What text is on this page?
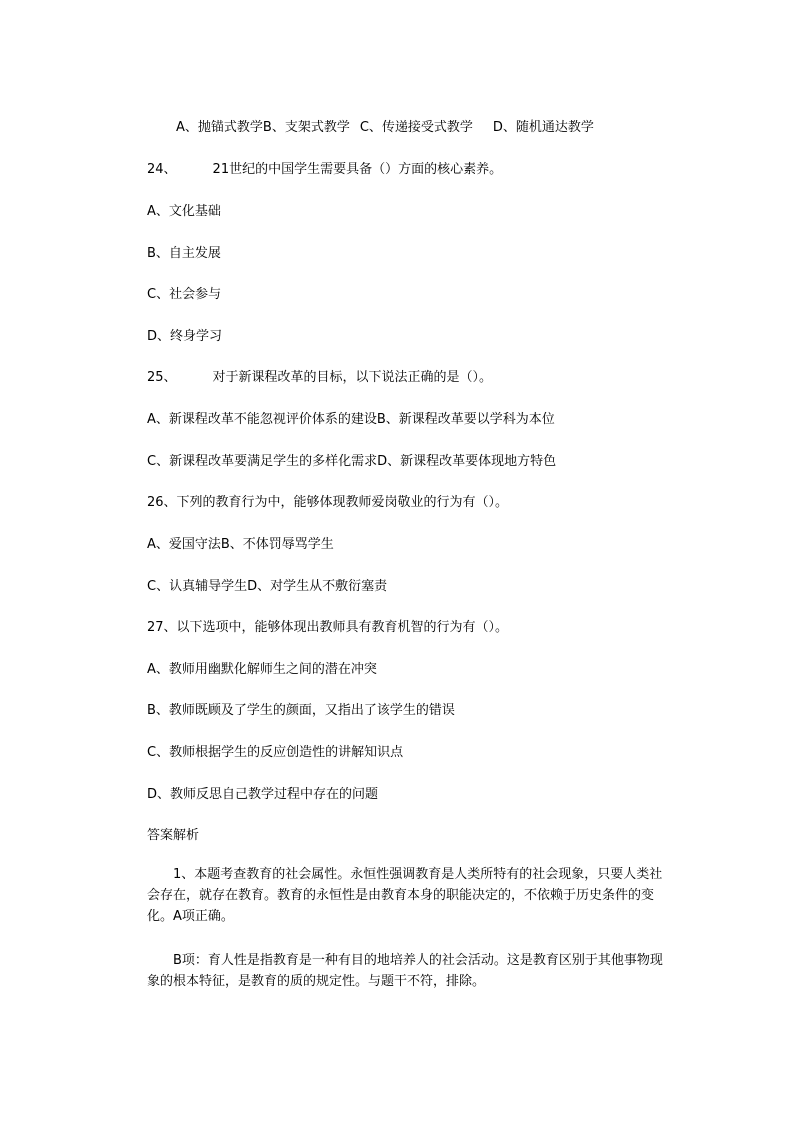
A、抛锚式教学B、支架式教学 C、传递接受式教学 D、随机通达教学
24、	21世纪的中国学生需要具备（）方面的核心素养。
A、文化基础
B、自主发展
C、社会参与
D、终身学习
25、	对于新课程改革的目标，以下说法正确的是（）。
A、新课程改革不能忽视评价体系的建设B、新课程改革要以学科为本位
C、新课程改革要满足学生的多样化需求D、新课程改革要体现地方特色
26、下列的教育行为中，能够体现教师爱岗敬业的行为有（）。
A、爱国守法B、不体罚辱骂学生
C、认真辅导学生D、对学生从不敷衍塞责
27、以下选项中，能够体现出教师具有教育机智的行为有（）。
A、教师用幽默化解师生之间的潜在冲突
B、教师既顾及了学生的颜面，又指出了该学生的错误
C、教师根据学生的反应创造性的讲解知识点
D、教师反思自己教学过程中存在的问题
答案解析
1、本题考查教育的社会属性。永恒性强调教育是人类所特有的社会现象，只要人类社会存在，就存在教育。教育的永恒性是由教育本身的职能决定的，不依赖于历史条件的变化。A项正确。
B项：育人性是指教育是一种有目的地培养人的社会活动。这是教育区别于其他事物现象的根本特征，是教育的质的规定性。与题干不符，排除。
